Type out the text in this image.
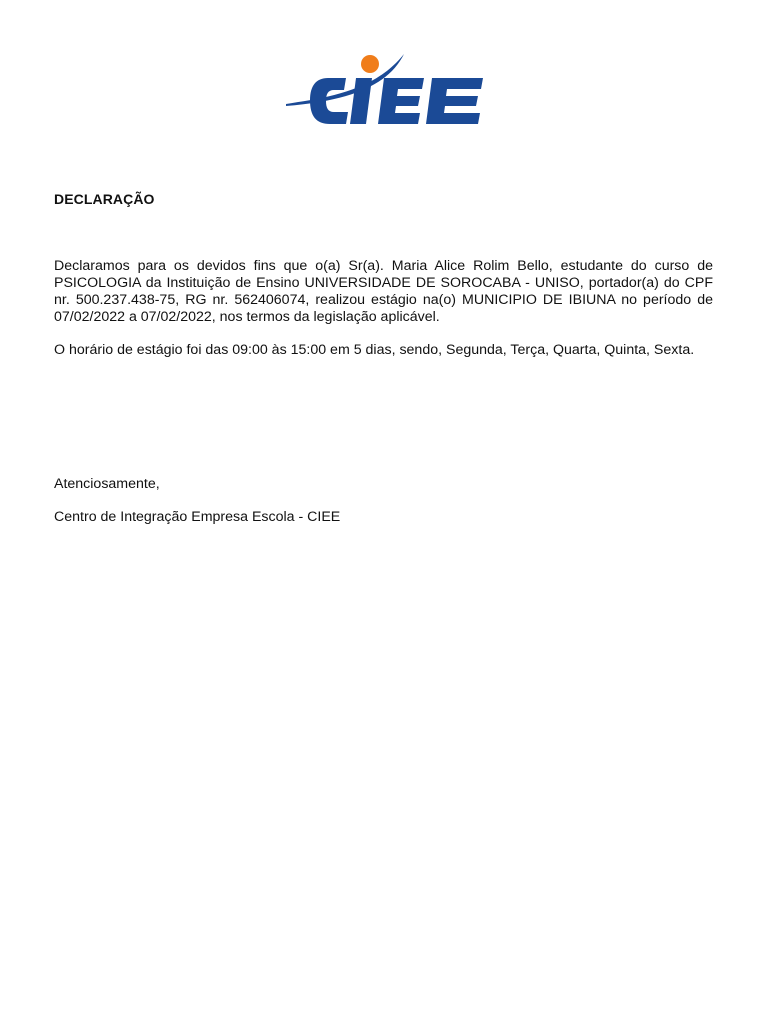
DECLARAÇÃO
Declaramos para os devidos fins que o(a) Sr(a). Maria Alice Rolim Bello, estudante do curso de PSICOLOGIA da Instituição de Ensino UNIVERSIDADE DE SOROCABA - UNISO, portador(a) do CPF nr. 500.237.438-75, RG nr. 562406074, realizou estágio na(o) MUNICIPIO DE IBIUNA no período de 07/02/2022 a 07/02/2022, nos termos da legislação aplicável.
O horário de estágio foi das 09:00 às 15:00 em 5 dias, sendo, Segunda, Terça, Quarta, Quinta, Sexta.
Atenciosamente,
Centro de Integração Empresa Escola - CIEE
